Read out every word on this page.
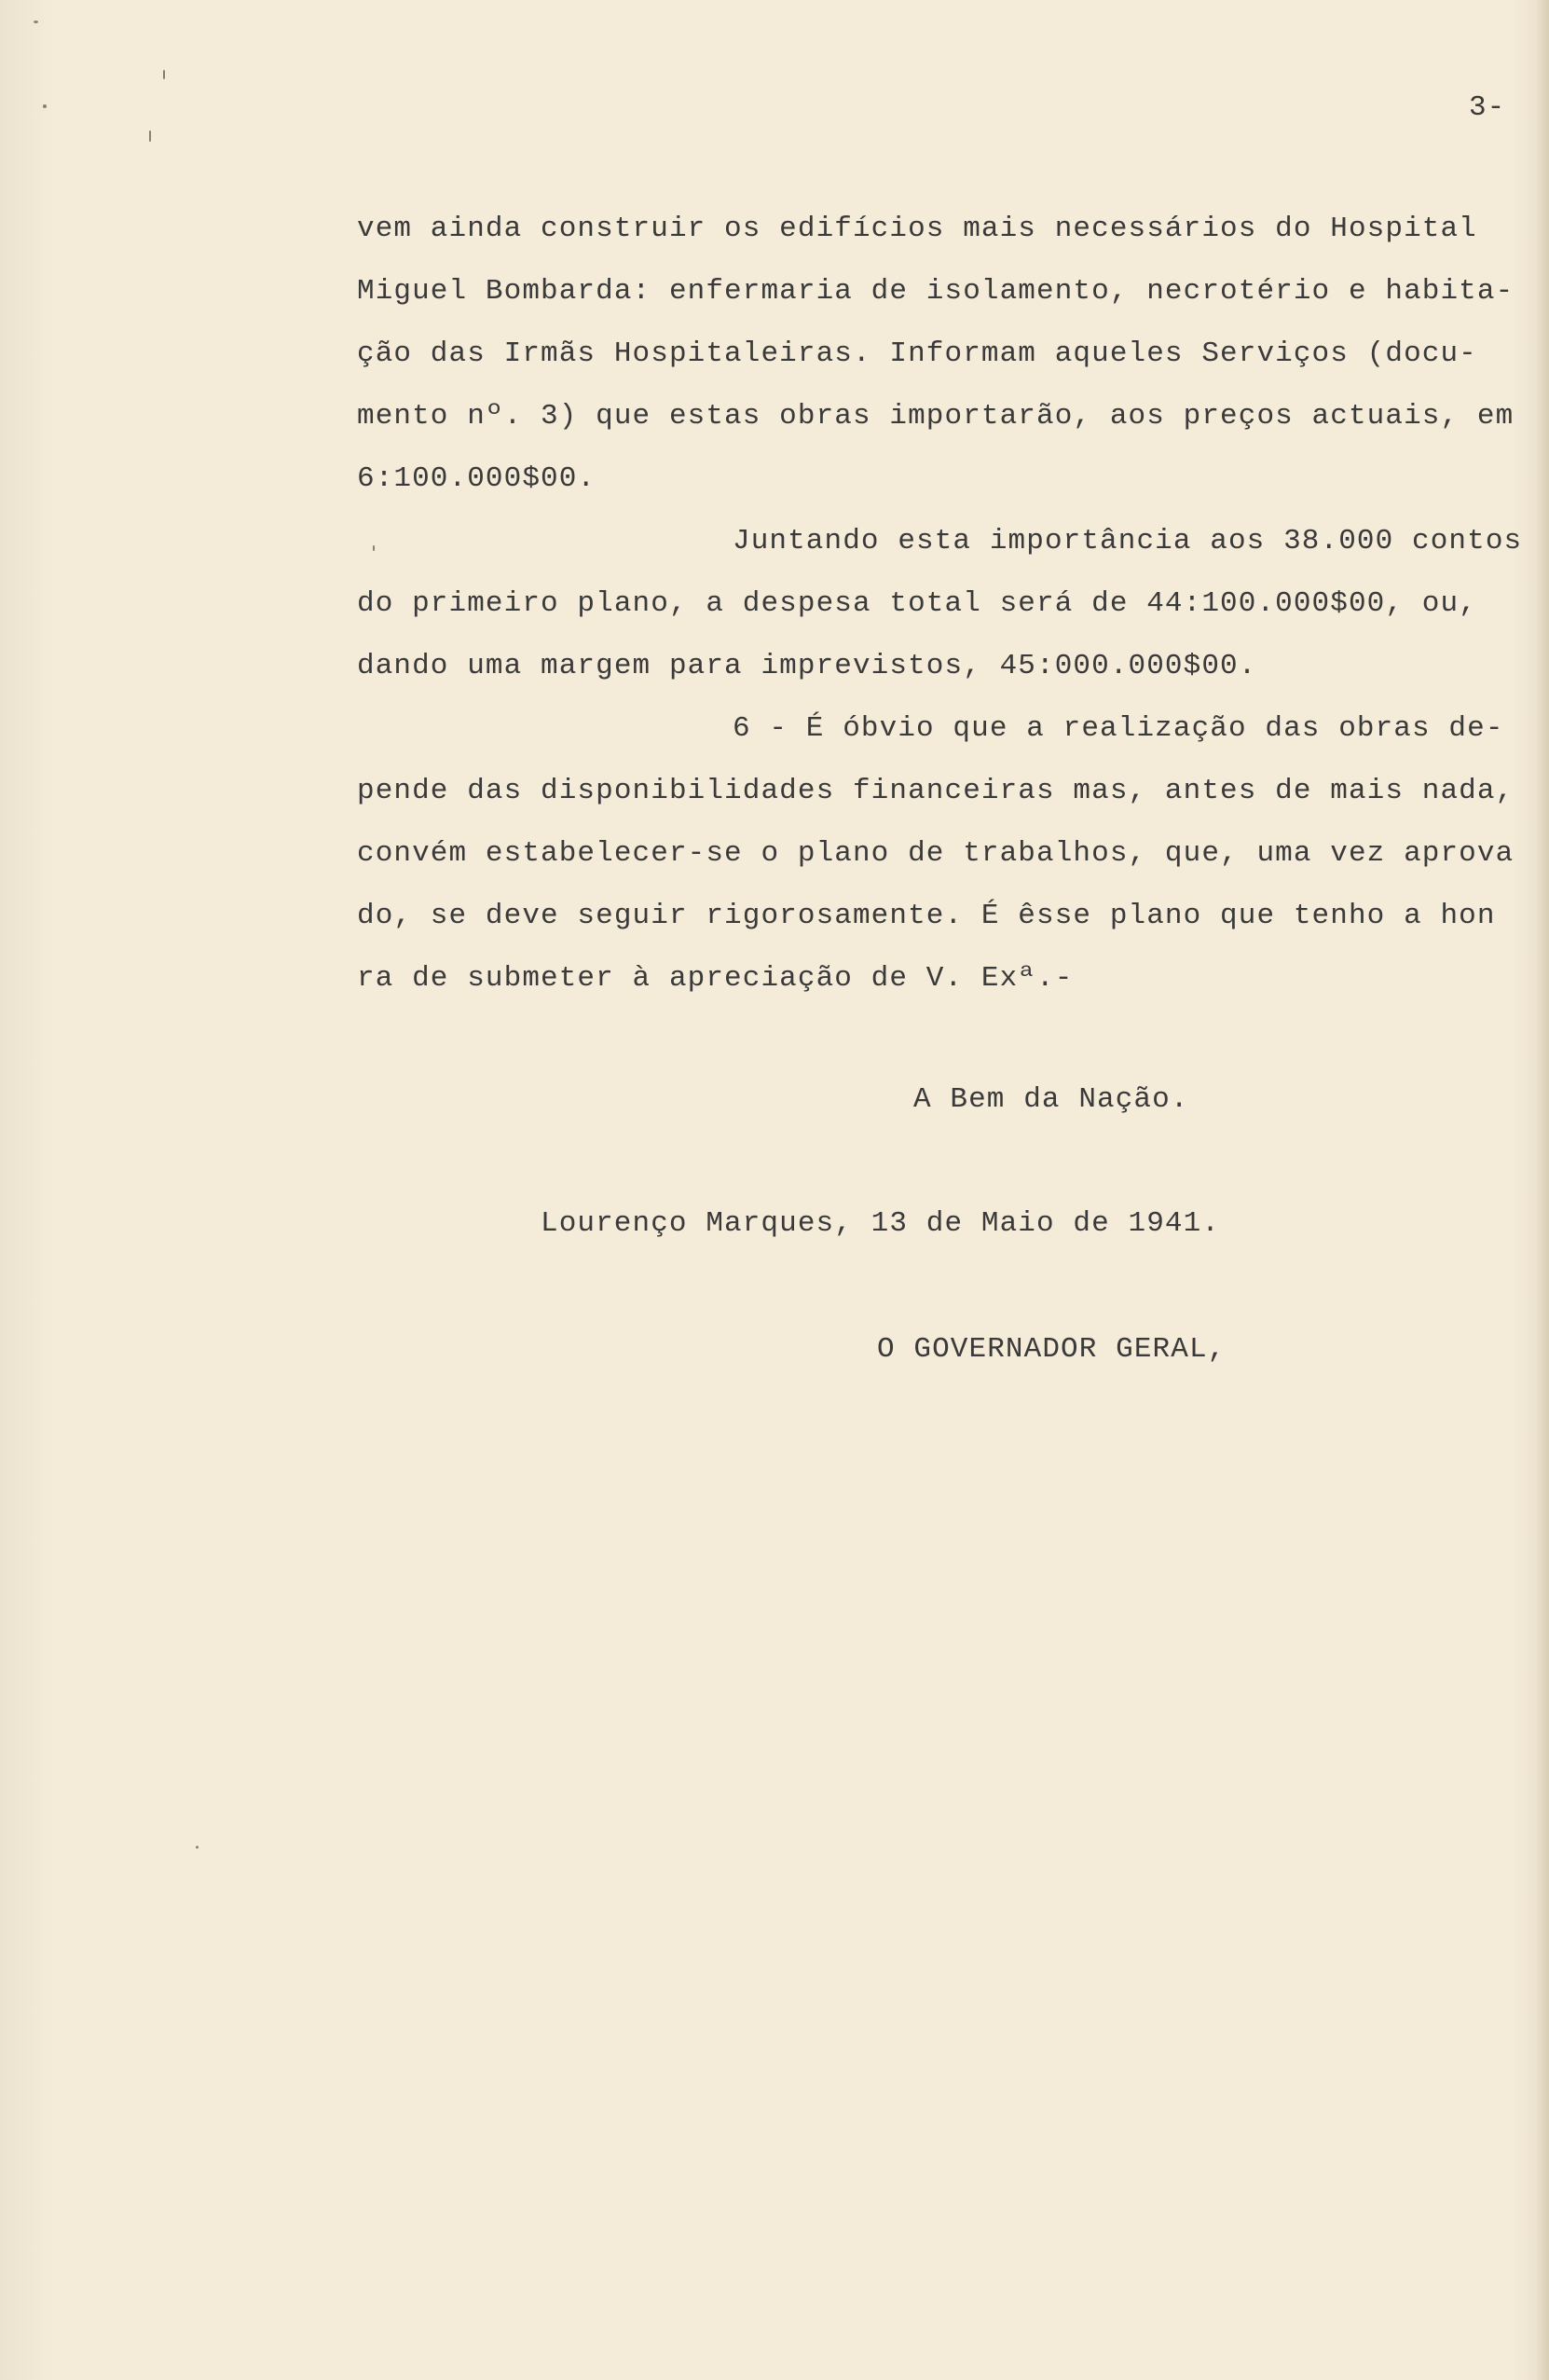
3-
vem ainda construir os edifícios mais necessários do Hospital
Miguel Bombarda: enfermaria de isolamento, necrotério e habita-
ção das Irmãs Hospitaleiras. Informam aqueles Serviços (docu-
mento nº. 3) que estas obras importarão, aos preços actuais, em
6:100.000$00.
Juntando esta importância aos 38.000 contos
do primeiro plano, a despesa total será de 44:100.000$00, ou,
dando uma margem para imprevistos, 45:000.000$00.
6 - É óbvio que a realização das obras de-
pende das disponibilidades financeiras mas, antes de mais nada,
convém estabelecer-se o plano de trabalhos, que, uma vez aprova
do, se deve seguir rigorosamente. É êsse plano que tenho a hon
ra de submeter à apreciação de V. Exª.-
A Bem da Nação.
Lourenço Marques, 13 de Maio de 1941.
O GOVERNADOR GERAL,
